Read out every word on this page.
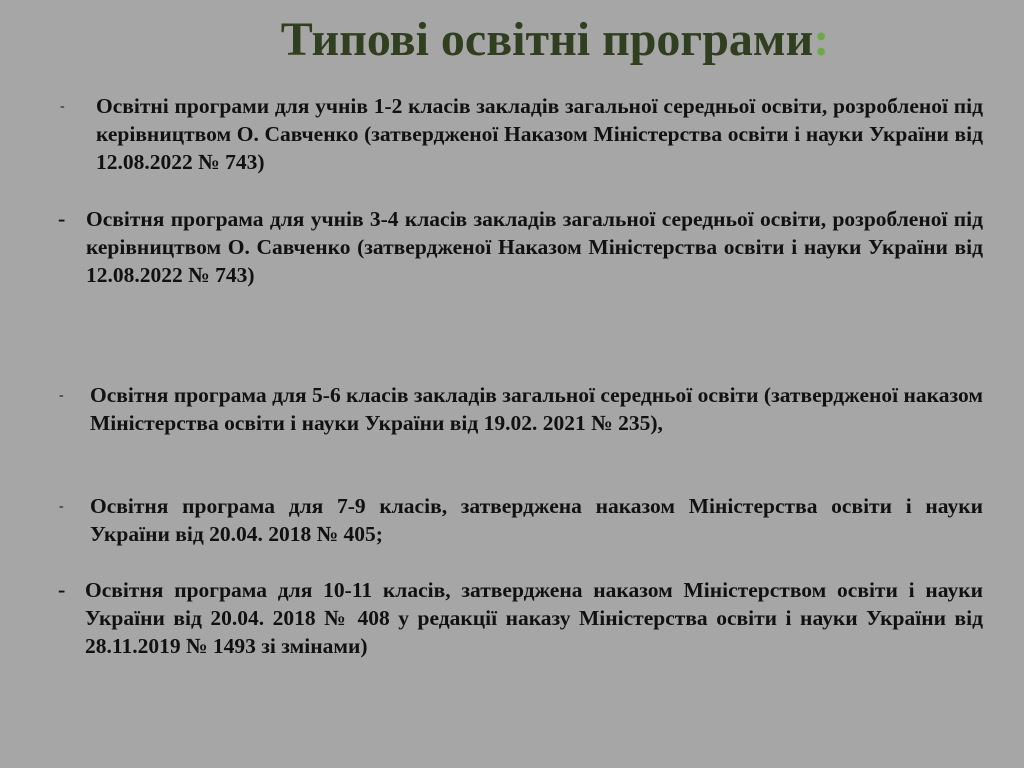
Типові освітні програми:
- Освітні програми для учнів 1-2 класів закладів загальної середньої освіти, розробленої під керівництвом О. Савченко (затвердженої Наказом Міністерства освіти і науки України від 12.08.2022 № 743)
- Освітня програма для учнів 3-4 класів закладів загальної середньої освіти, розробленої під керівництвом О. Савченко (затвердженої Наказом Міністерства освіти і науки України від 12.08.2022 № 743)
- Освітня програма для 5-6 класів закладів загальної середньої освіти (затвердженої наказом Міністерства освіти і науки України від 19.02. 2021 № 235),
- Освітня програма для 7-9 класів, затверджена наказом Міністерства освіти і науки України від 20.04. 2018 № 405;
- Освітня програма для 10-11 класів, затверджена наказом Міністерством освіти і науки України від 20.04. 2018 № 408 у редакції наказу Міністерства освіти і науки України від 28.11.2019 № 1493 зі змінами)
